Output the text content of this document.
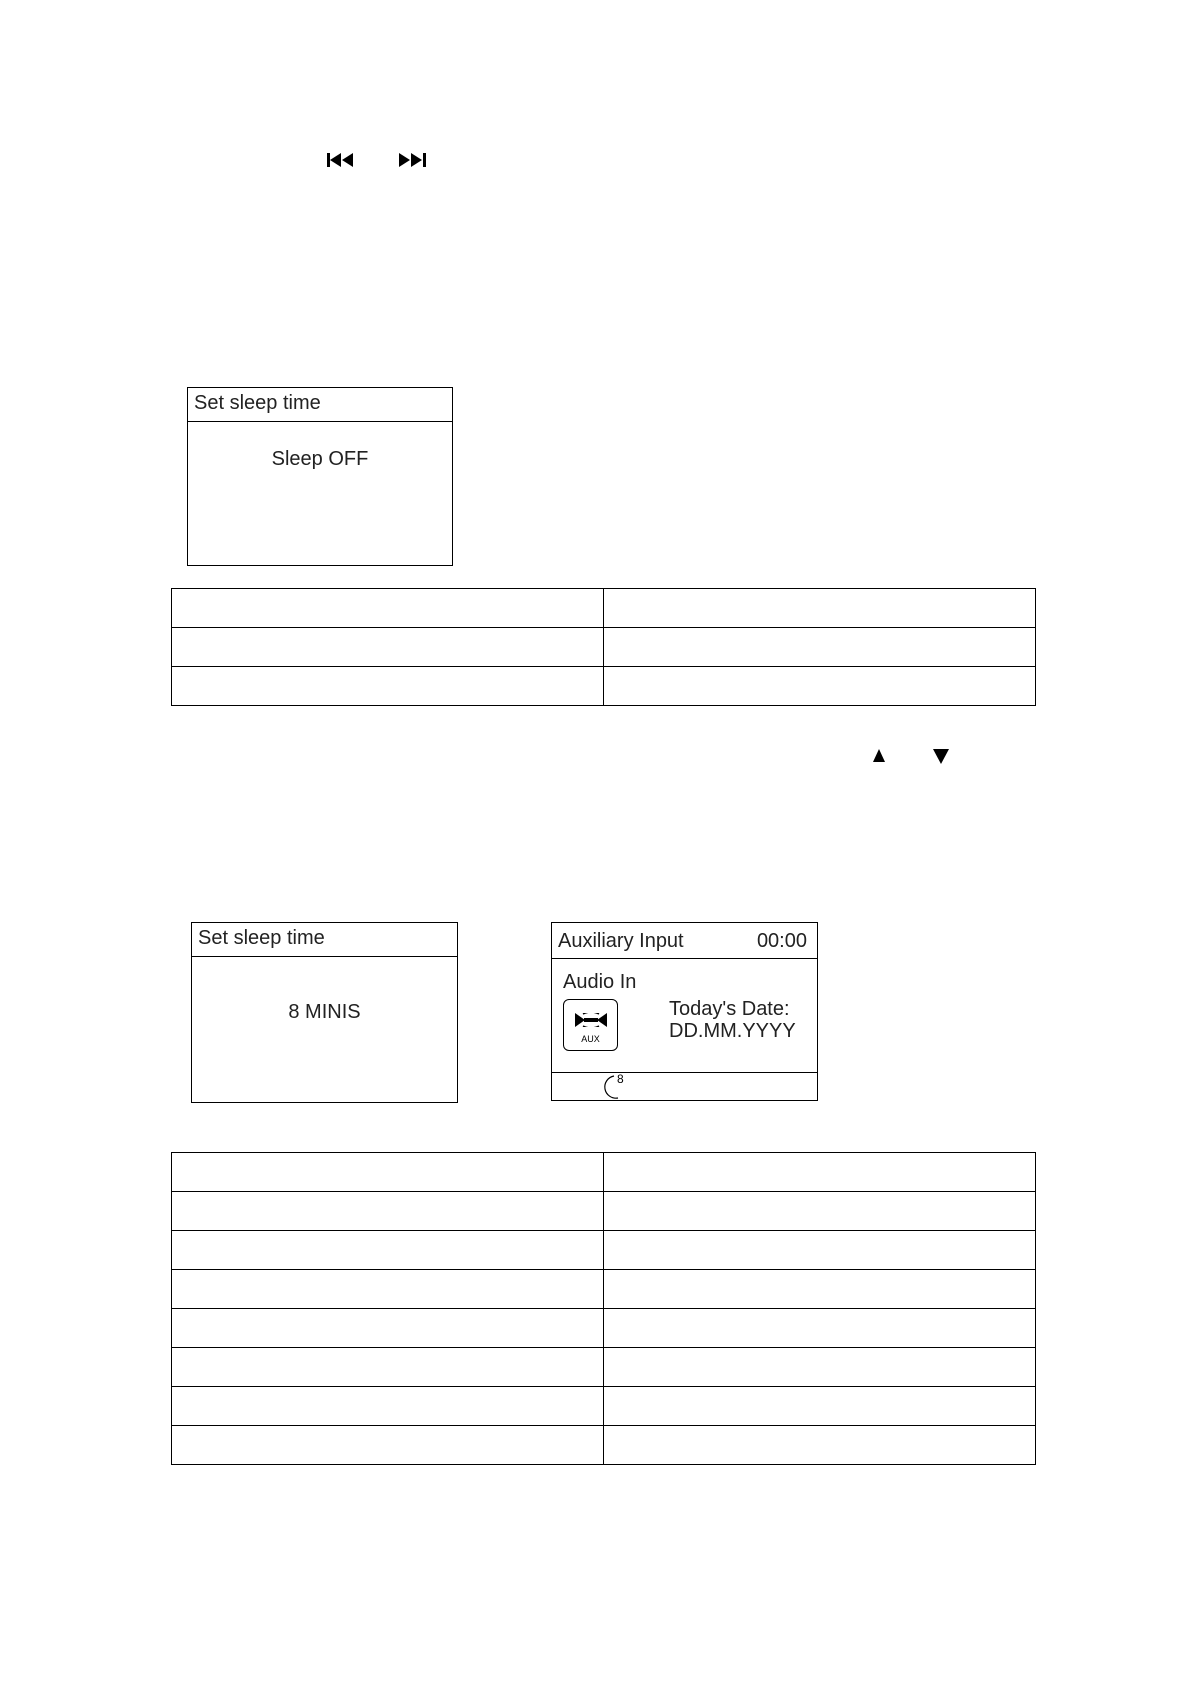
Set sleep time
Sleep OFF

Set sleep time
8 MINIS
Auxiliary Input	00:00
Audio In
AUX
Today's Date:
DD.MM.YYYY
8
